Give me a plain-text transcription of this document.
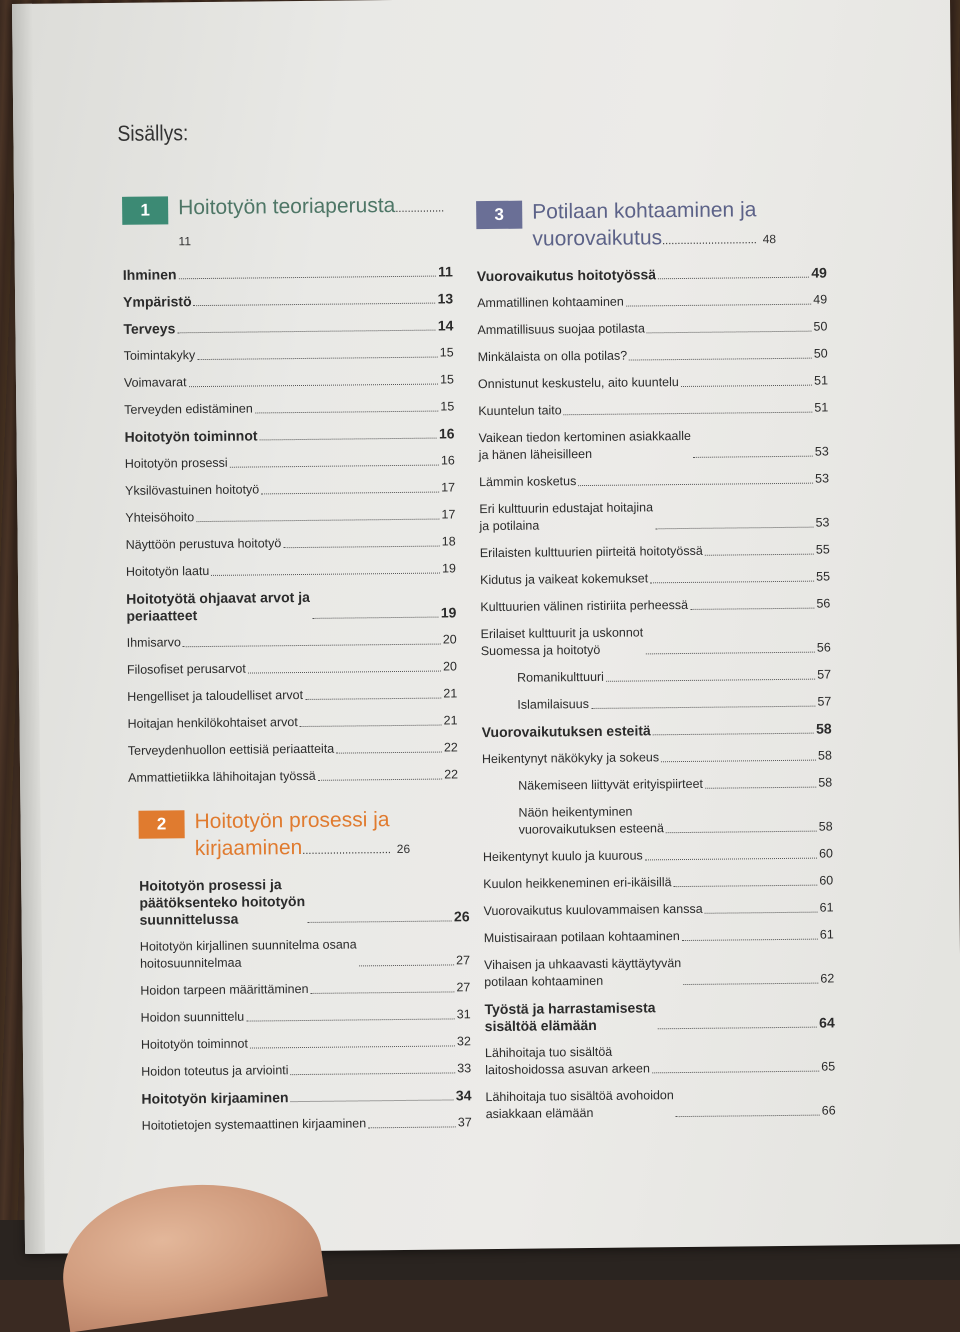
Sisällys:
1	Hoitotyön teoriaperusta................ 11
Ihminen	11
Ympäristö	13
Terveys	14
Toimintakyky	15
Voimavarat	15
Terveyden edistäminen	15
Hoitotyön toiminnot	16
Hoitotyön prosessi	16
Yksilövastuinen hoitotyö	17
Yhteisöhoito	17
Näyttöön perustuva hoitotyö	18
Hoitotyön laatu	19
Hoitotyötä ohjaavat arvot ja
periaatteet	19
Ihmisarvo	20
Filosofiset perusarvot	20
Hengelliset ja taloudelliset arvot	21
Hoitajan henkilökohtaiset arvot	21
Terveydenhuollon eettisiä periaatteita	22
Ammattietiikka lähihoitajan työssä	22
2	Hoitotyön prosessi ja kirjaaminen............................. 26
Hoitotyön prosessi ja
päätöksenteko hoitotyön
suunnittelussa	26
Hoitotyön kirjallinen suunnitelma osana
hoitosuunnitelmaa	27
Hoidon tarpeen määrittäminen	27
Hoidon suunnittelu	31
Hoitotyön toiminnot	32
Hoidon toteutus ja arviointi	33
Hoitotyön kirjaaminen	34
Hoitotietojen systemaattinen kirjaaminen	37
3	Potilaan kohtaaminen ja vuorovaikutus............................... 48
Vuorovaikutus hoitotyössä	49
Ammatillinen kohtaaminen	49
Ammatillisuus suojaa potilasta	50
Minkälaista on olla potilas?	50
Onnistunut keskustelu, aito kuuntelu	51
Kuuntelun taito	51
Vaikean tiedon kertominen asiakkaalle
ja hänen läheisilleen	53
Lämmin kosketus	53
Eri kulttuurin edustajat hoitajina
ja potilaina	53
Erilaisten kulttuurien piirteitä hoitotyössä	55
Kidutus ja vaikeat kokemukset	55
Kulttuurien välinen ristiriita perheessä	56
Erilaiset kulttuurit ja uskonnot
Suomessa ja hoitotyö	56
Romanikulttuuri	57
Islamilaisuus	57
Vuorovaikutuksen esteitä	58
Heikentynyt näkökyky ja sokeus	58
Näkemiseen liittyvät erityispiirteet	58
Näön heikentyminen
vuorovaikutuksen esteenä	58
Heikentynyt kuulo ja kuurous	60
Kuulon heikkeneminen eri-ikäisillä	60
Vuorovaikutus kuulovammaisen kanssa	61
Muistisairaan potilaan kohtaaminen	61
Vihaisen ja uhkaavasti käyttäytyvän
potilaan kohtaaminen	62
Työstä ja harrastamisesta
sisältöä elämään	64
Lähihoitaja tuo sisältöä
laitoshoidossa asuvan arkeen	65
Lähihoitaja tuo sisältöä avohoidon
asiakkaan elämään	66
